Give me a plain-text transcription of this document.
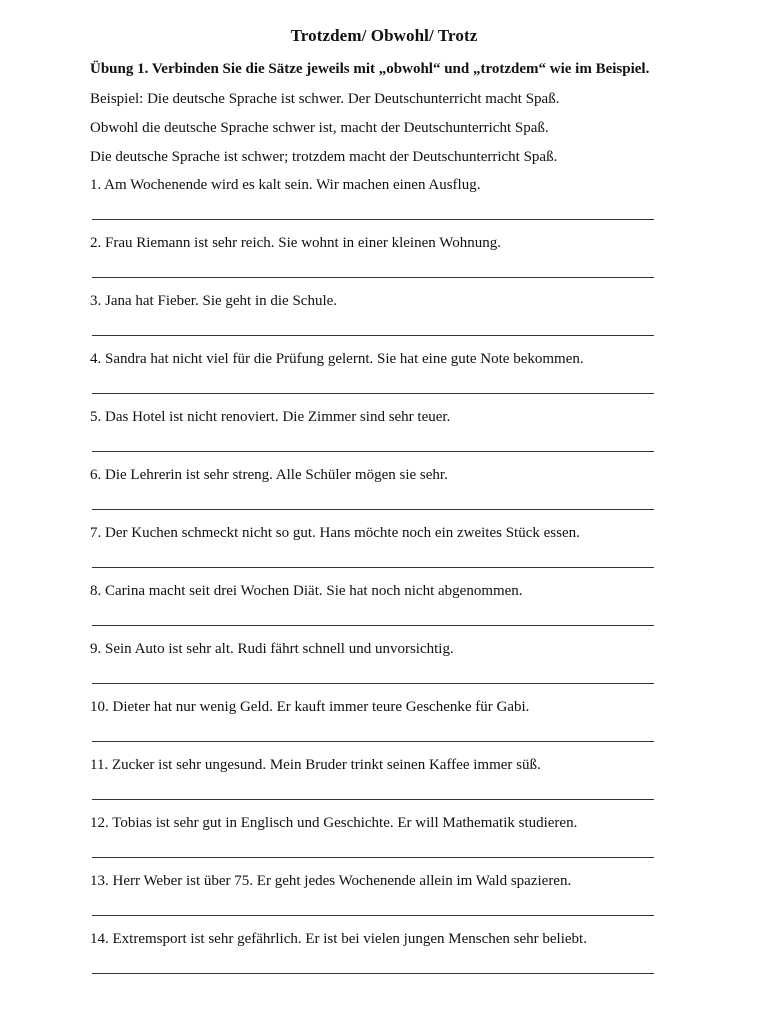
Trotzdem/ Obwohl/ Trotz
Übung 1. Verbinden Sie die Sätze jeweils mit „obwohl“ und „trotzdem“ wie im Beispiel.
Beispiel: Die deutsche Sprache ist schwer. Der Deutschunterricht macht Spaß.
Obwohl die deutsche Sprache schwer ist, macht der Deutschunterricht Spaß.
Die deutsche Sprache ist schwer; trotzdem macht der Deutschunterricht Spaß.
1. Am Wochenende wird es kalt sein. Wir machen einen Ausflug.
2. Frau Riemann ist sehr reich. Sie wohnt in einer kleinen Wohnung.
3. Jana hat Fieber. Sie geht in die Schule.
4. Sandra hat nicht viel für die Prüfung gelernt. Sie hat eine gute Note bekommen.
5. Das Hotel ist nicht renoviert. Die Zimmer sind sehr teuer.
6. Die Lehrerin ist sehr streng. Alle Schüler mögen sie sehr.
7. Der Kuchen schmeckt nicht so gut. Hans möchte noch ein zweites Stück essen.
8. Carina macht seit drei Wochen Diät. Sie hat noch nicht abgenommen.
9. Sein Auto ist sehr alt. Rudi fährt schnell und unvorsichtig.
10. Dieter hat nur wenig Geld. Er kauft immer teure Geschenke für Gabi.
11. Zucker ist sehr ungesund. Mein Bruder trinkt seinen Kaffee immer süß.
12. Tobias ist sehr gut in Englisch und Geschichte. Er will Mathematik studieren.
13. Herr Weber ist über 75. Er geht jedes Wochenende allein im Wald spazieren.
14. Extremsport ist sehr gefährlich. Er ist bei vielen jungen Menschen sehr beliebt.
